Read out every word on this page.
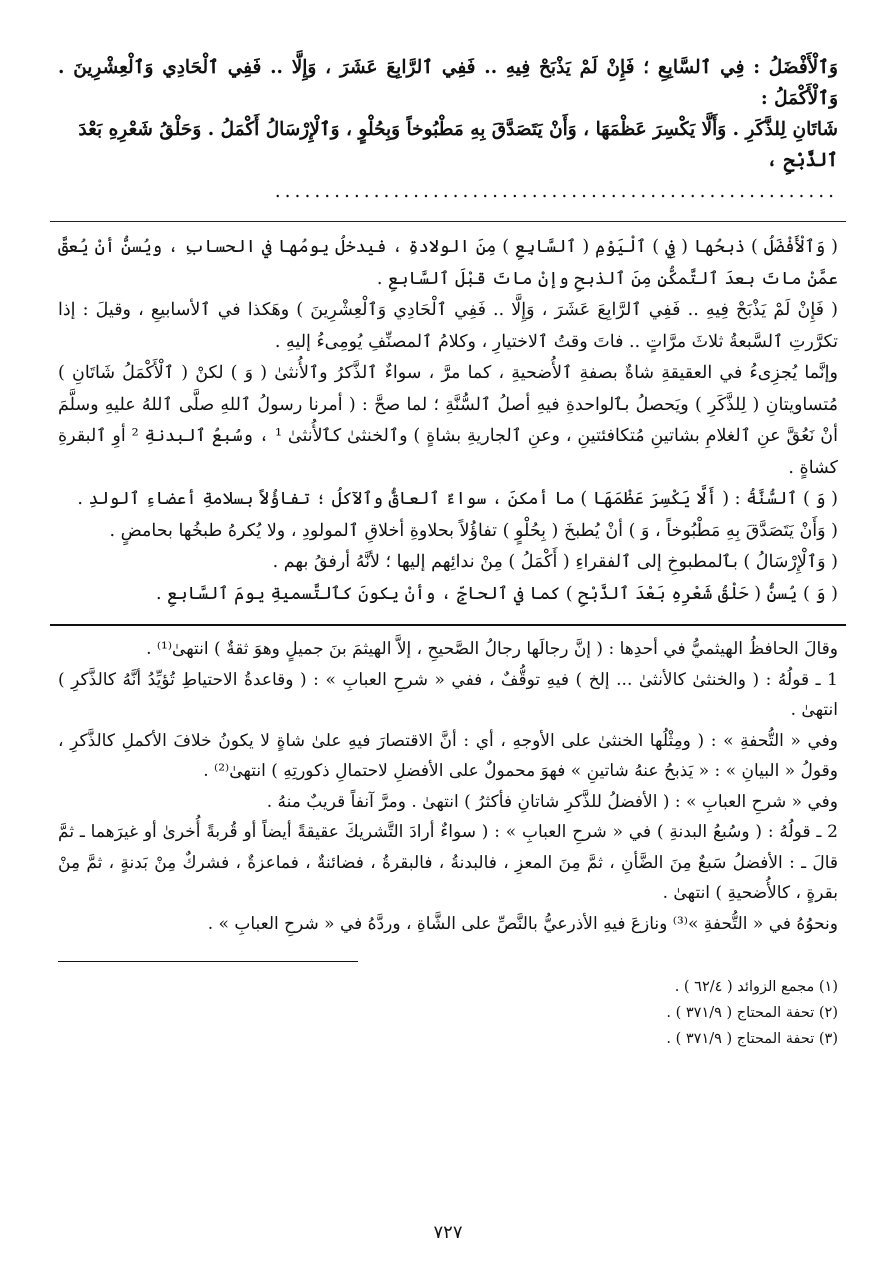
وَٱلْأَفْضَلُ : فِي ٱلسَّابِعِ ؛ فَإِنْ لَمْ يَذْبَحْ فِيهِ .. فَفِي ٱلرَّابِعَ عَشَرَ ، وَإِلَّا .. فَفِي ٱلْحَادِي وَٱلْعِشْرِينَ . وَٱلْأَكْمَلُ :

شَاتَانِ لِلذَّكَرِ . وَأَلَّا يَكْسِرَ عَظْمَهَا ، وَأَنْ يَتَصَدَّقَ بِهِ مَطْبُوخاً وَبِحُلْوٍ ، وَٱلْإِرْسَالُ أَكْمَلُ . وَحَلْقُ شَعْرِهِ بَعْدَ

ٱلذَّبْحِ ،

.........................................................

( وَٱلْأَفْضَلُ ) ذبحُها ( فِي ) ٱلْيَوْمِ ( ٱلسَّابِعِ ) مِنَ الولادةِ ، فيدخلُ يومُها في الحسابِ ، ويُسنُّ أنْ يُعقَّ عمَّنْ ماتَ بعدَ ٱلتَّمكُّنِ مِنَ ٱلذبحِ وإنْ ماتَ قبْلَ ٱلسَّابعِ .

( فَإِنْ لَمْ يَذْبَحْ فِيهِ .. فَفِي ٱلرَّابِعَ عَشَرَ ، وَإِلَّا .. فَفِي ٱلْحَادِي وَٱلْعِشْرِينَ ) وهَكذا في ٱلأسابيعِ ، وقيلَ : إذا تكرَّرتِ ٱلسَّبعةُ ثلاثَ مرَّاتٍ .. فاتَ وقتُ ٱلاختيارِ ، وكلامُ ٱلمصنِّفِ يُومِىءُ إليهِ .

وإنَّما يُجزِىءُ في العقيقةِ شاةٌ بصفةِ ٱلأُضحيةِ ، كما مرَّ ، سواءٌ ٱلذَّكرُ وٱلأُنثىٰ ( وَ ) لكنْ ( ٱلْأَكْمَلُ شَاتَانِ ) مُتساويتانِ ( لِلذَّكَرِ ) ويَحصلُ بٱلواحدةِ فيهِ أصلُ ٱلسُّنَّةِ ؛ لما صحَّ : ( أمرنا رسولُ ٱللهِ صلَّى ٱللهُ عليهِ وسلَّمَ أنْ نَعُقَّ عنِ ٱلغلامِ بشاتينِ مُتكافئتينِ ، وعنِ ٱلجاريةِ بشاةٍ ) وٱلخنثىٰ كٱلأُنثىٰ ¹ ، وسُبعُ ٱلبدنةِ ² أوِ ٱلبقرةِ كشاةٍ .

( وَ ) ٱلسُّنَّةُ : ( أَلَّا يَكْسِرَ عَظْمَهَا ) ما أمكنَ ، سواءٌ ٱلعاقُّ وٱلآكلُ ؛ تفاؤُلاً بسلامةِ أعضاءِ ٱلولدِ .

( وَأَنْ يَتَصَدَّقَ بِهِ مَطْبُوخاً ، وَ ) أنْ يُطبخَ ( بِحُلْوٍ ) تفاؤُلاً بحلاوةِ أخلاقِ ٱلمولودِ ، ولا يُكرهُ طبخُها بحامضٍ .

( وَٱلْإِرْسَالُ ) بٱلمطبوخِ إلى ٱلفقراءِ ( أَكْمَلُ ) مِنْ ندائِهم إليها ؛ لأنَّهُ أرفقُ بهم .

( وَ ) يُسنُّ ( حَلْقُ شَعْرِهِ بَعْدَ ٱلذَّبْحِ ) كما في ٱلحاجِّ ، وأنْ يكونَ كٱلتَّسميةِ يومَ ٱلسَّابعِ .

وقالَ الحافظُ الهيثميُّ في أحدِها : ( إنَّ رجالَها رجالُ الصَّحيحِ ، إلاَّ الهيثمَ بنَ جميلٍ وهوَ ثقةٌ ) انتهىٰ⁽¹⁾ .

1 ـ قولُهُ : ( والخنثىٰ كالأنثىٰ ... إلخ ) فيهِ توقُّفٌ ، ففي « شرحِ العبابِ » : ( وقاعدةُ الاحتياطِ تُؤيِّدُ أنَّهُ كالذَّكرِ ) انتهىٰ .

وفي « التُّحفةِ » : ( ومِثْلُها الخنثىٰ على الأوجهِ ، أي : أنَّ الاقتصارَ فيهِ علىٰ شاةٍ لا يكونُ خلافَ الأكملِ كالذَّكرِ ، وقولُ « البيانِ » : « يَذبحُ عنهُ شاتينِ » فهوَ محمولٌ على الأفضلِ لاحتمالِ ذكورتِهِ ) انتهىٰ⁽²⁾ .

وفي « شرحِ العبابِ » : ( الأفضلُ للذَّكرِ شاتانِ فأكثرُ ) انتهىٰ . ومرَّ آنفاً قريبٌ منهُ .

2 ـ قولُهُ : ( وسُبعُ البدنةِ ) في « شرحِ العبابِ » : ( سواءٌ أرادَ التَّشريكَ عقيقةً أيضاً أو قُربةً أُخرىٰ أو غيرَهما ـ ثمَّ قالَ ـ : الأفضلُ سَبعٌ مِنَ الضَّأنِ ، ثمَّ مِنَ المعزِ ، فالبدنةُ ، فالبقرةُ ، فضائنةٌ ، فماعزةٌ ، فشركٌ مِنْ بَدنةٍ ، ثمَّ مِنْ بقرةٍ ، كالأُضحيةِ ) انتهىٰ .

ونحوُهُ في « التُّحفةِ »⁽³⁾ ونازعَ فيهِ الأذرعيُّ بالنَّصِّ على الشَّاةِ ، وردَّهُ في « شرحِ العبابِ » .

(١) مجمع الزوائد ( ٦٢/٤ ) .
(٢) تحفة المحتاج ( ٣٧١/٩ ) .
(٣) تحفة المحتاج ( ٣٧١/٩ ) .
٧٢٧
